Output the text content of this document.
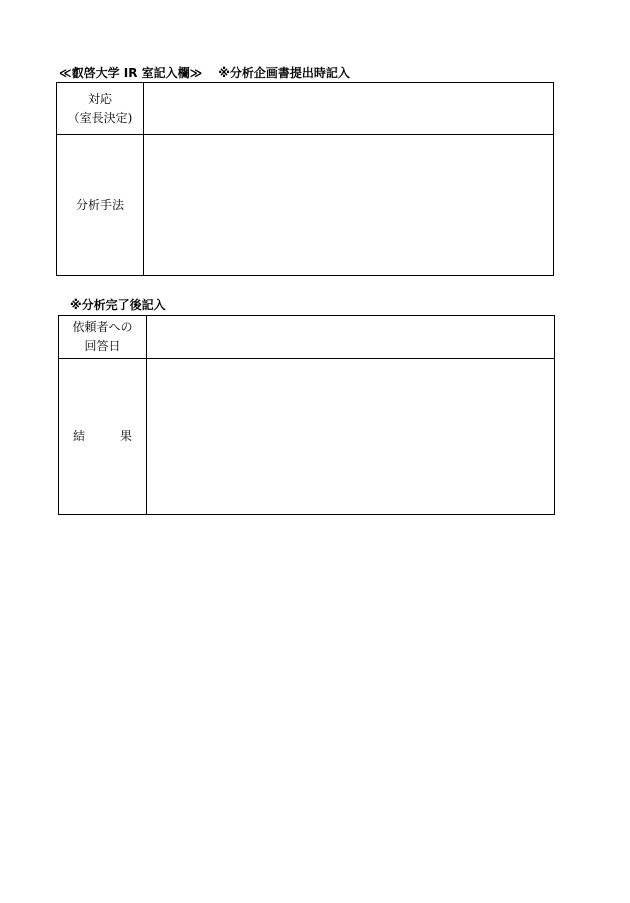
≪叡啓大学 IR 室記入欄≫ ※分析企画書提出時記入
対応
（室長決定)	

分析手法	

※分析完了後記入
依頼者への
回答日	

結 果	
